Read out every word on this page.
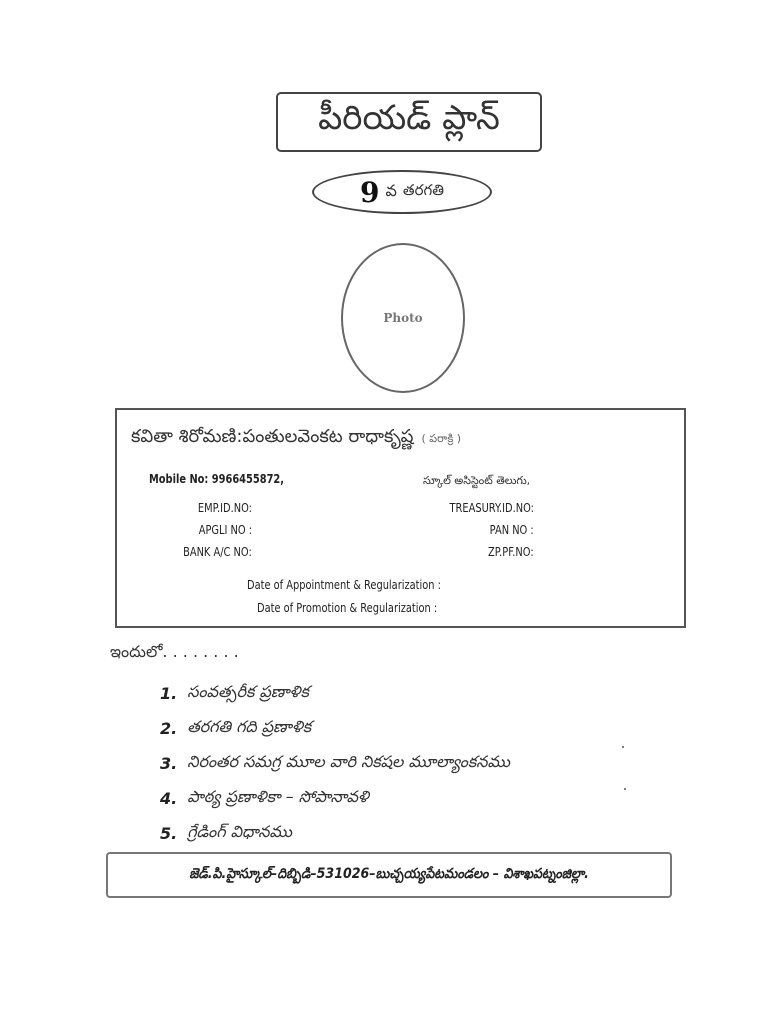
పీరియడ్ ప్లాన్
9 వ తరగతి
Photo
కవితా శిరోమణి:పంతులవెంకట రాధాకృష్ణ ( పరాక్రి )
Mobile No: 9966455872,	స్కూల్ అసిస్టెంట్ తెలుగు,
EMP.ID.NO:	TREASURY.ID.NO:
APGLI NO :	PAN NO :
BANK A/C NO:	ZP.PF.NO:
Date of Appointment & Regularization :
Date of Promotion & Regularization :
ఇందులో. . . . . . . .
1. సంవత్సరీక ప్రణాళిక
2. తరగతి గది ప్రణాళిక
3. నిరంతర సమగ్ర మూల వారి నికషల మూల్యాంకనము
4. పాఠ్య ప్రణాళికా – సోపానావళి
5. గ్రేడింగ్ విధానము
జెడ్.పి.హైస్కూల్–దిబ్బిడి–531026–బుచ్చయ్యపేటమండలం – విశాఖపట్నంజిల్లా.
